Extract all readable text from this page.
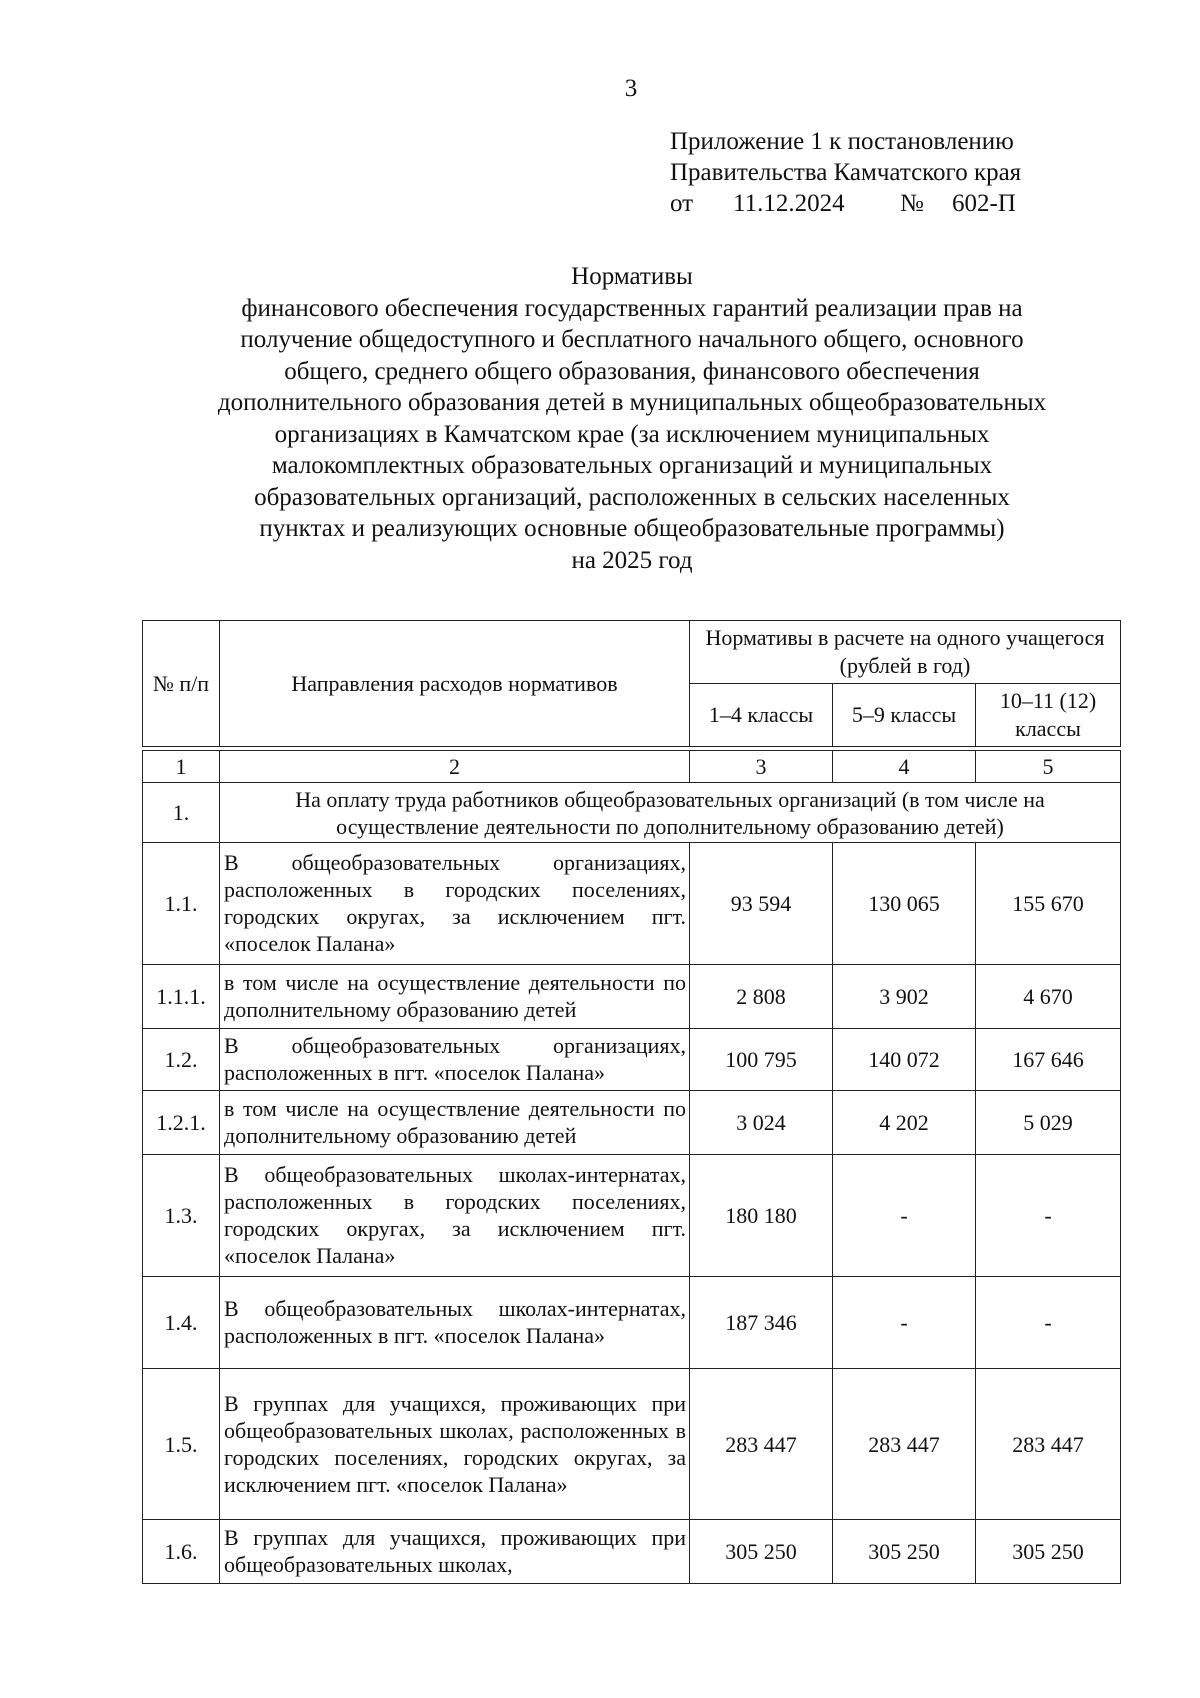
3
Приложение 1 к постановлению
Правительства Камчатского края
от 11.12.2024 № 602-П
Нормативы
финансового обеспечения государственных гарантий реализации прав на
получение общедоступного и бесплатного начального общего, основного
общего, среднего общего образования, финансового обеспечения
дополнительного образования детей в муниципальных общеобразовательных
организациях в Камчатском крае (за исключением муниципальных
малокомплектных образовательных организаций и муниципальных
образовательных организаций, расположенных в сельских населенных
пунктах и реализующих основные общеобразовательные программы)
на 2025 год
№ п/п	Направления расходов нормативов	Нормативы в расчете на одного учащегося (рублей в год)		
		1–4 классы	5–9 классы	10–11 (12) классы

1	2	3	4	5
1.	На оплату труда работников общеобразовательных организаций (в том числе на осуществление деятельности по дополнительному образованию детей)			
1.1.	В общеобразовательных организациях, расположенных в городских поселениях, городских округах, за исключением пгт. «поселок Палана»	93 594	130 065	155 670
1.1.1.	в том числе на осуществление деятельности по дополнительному образованию детей	2 808	3 902	4 670
1.2.	В общеобразовательных организациях, расположенных в пгт. «поселок Палана»	100 795	140 072	167 646
1.2.1.	в том числе на осуществление деятельности по дополнительному образованию детей	3 024	4 202	5 029
1.3.	В общеобразовательных школах-интернатах, расположенных в городских поселениях, городских округах, за исключением пгт. «поселок Палана»	180 180	-	-
1.4.	В общеобразовательных школах-интернатах, расположенных в пгт. «поселок Палана»	187 346	-	-
1.5.	В группах для учащихся, проживающих при общеобразовательных школах, расположенных в городских поселениях, городских округах, за исключением пгт. «поселок Палана»	283 447	283 447	283 447
1.6.	В группах для учащихся, проживающих при общеобразовательных школах,	305 250	305 250	305 250
